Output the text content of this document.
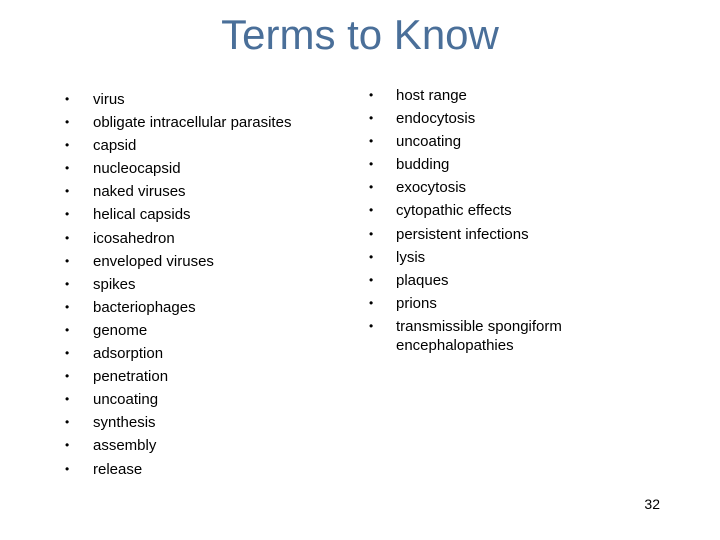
Terms to Know
• virus
• obligate intracellular parasites
• capsid
• nucleocapsid
• naked viruses
• helical capsids
• icosahedron
• enveloped viruses
• spikes
• bacteriophages
• genome
• adsorption
• penetration
• uncoating
• synthesis
• assembly
• release
• host range
• endocytosis
• uncoating
• budding
• exocytosis
• cytopathic effects
• persistent infections
• lysis
• plaques
• prions
• transmissible spongiform encephalopathies
32
